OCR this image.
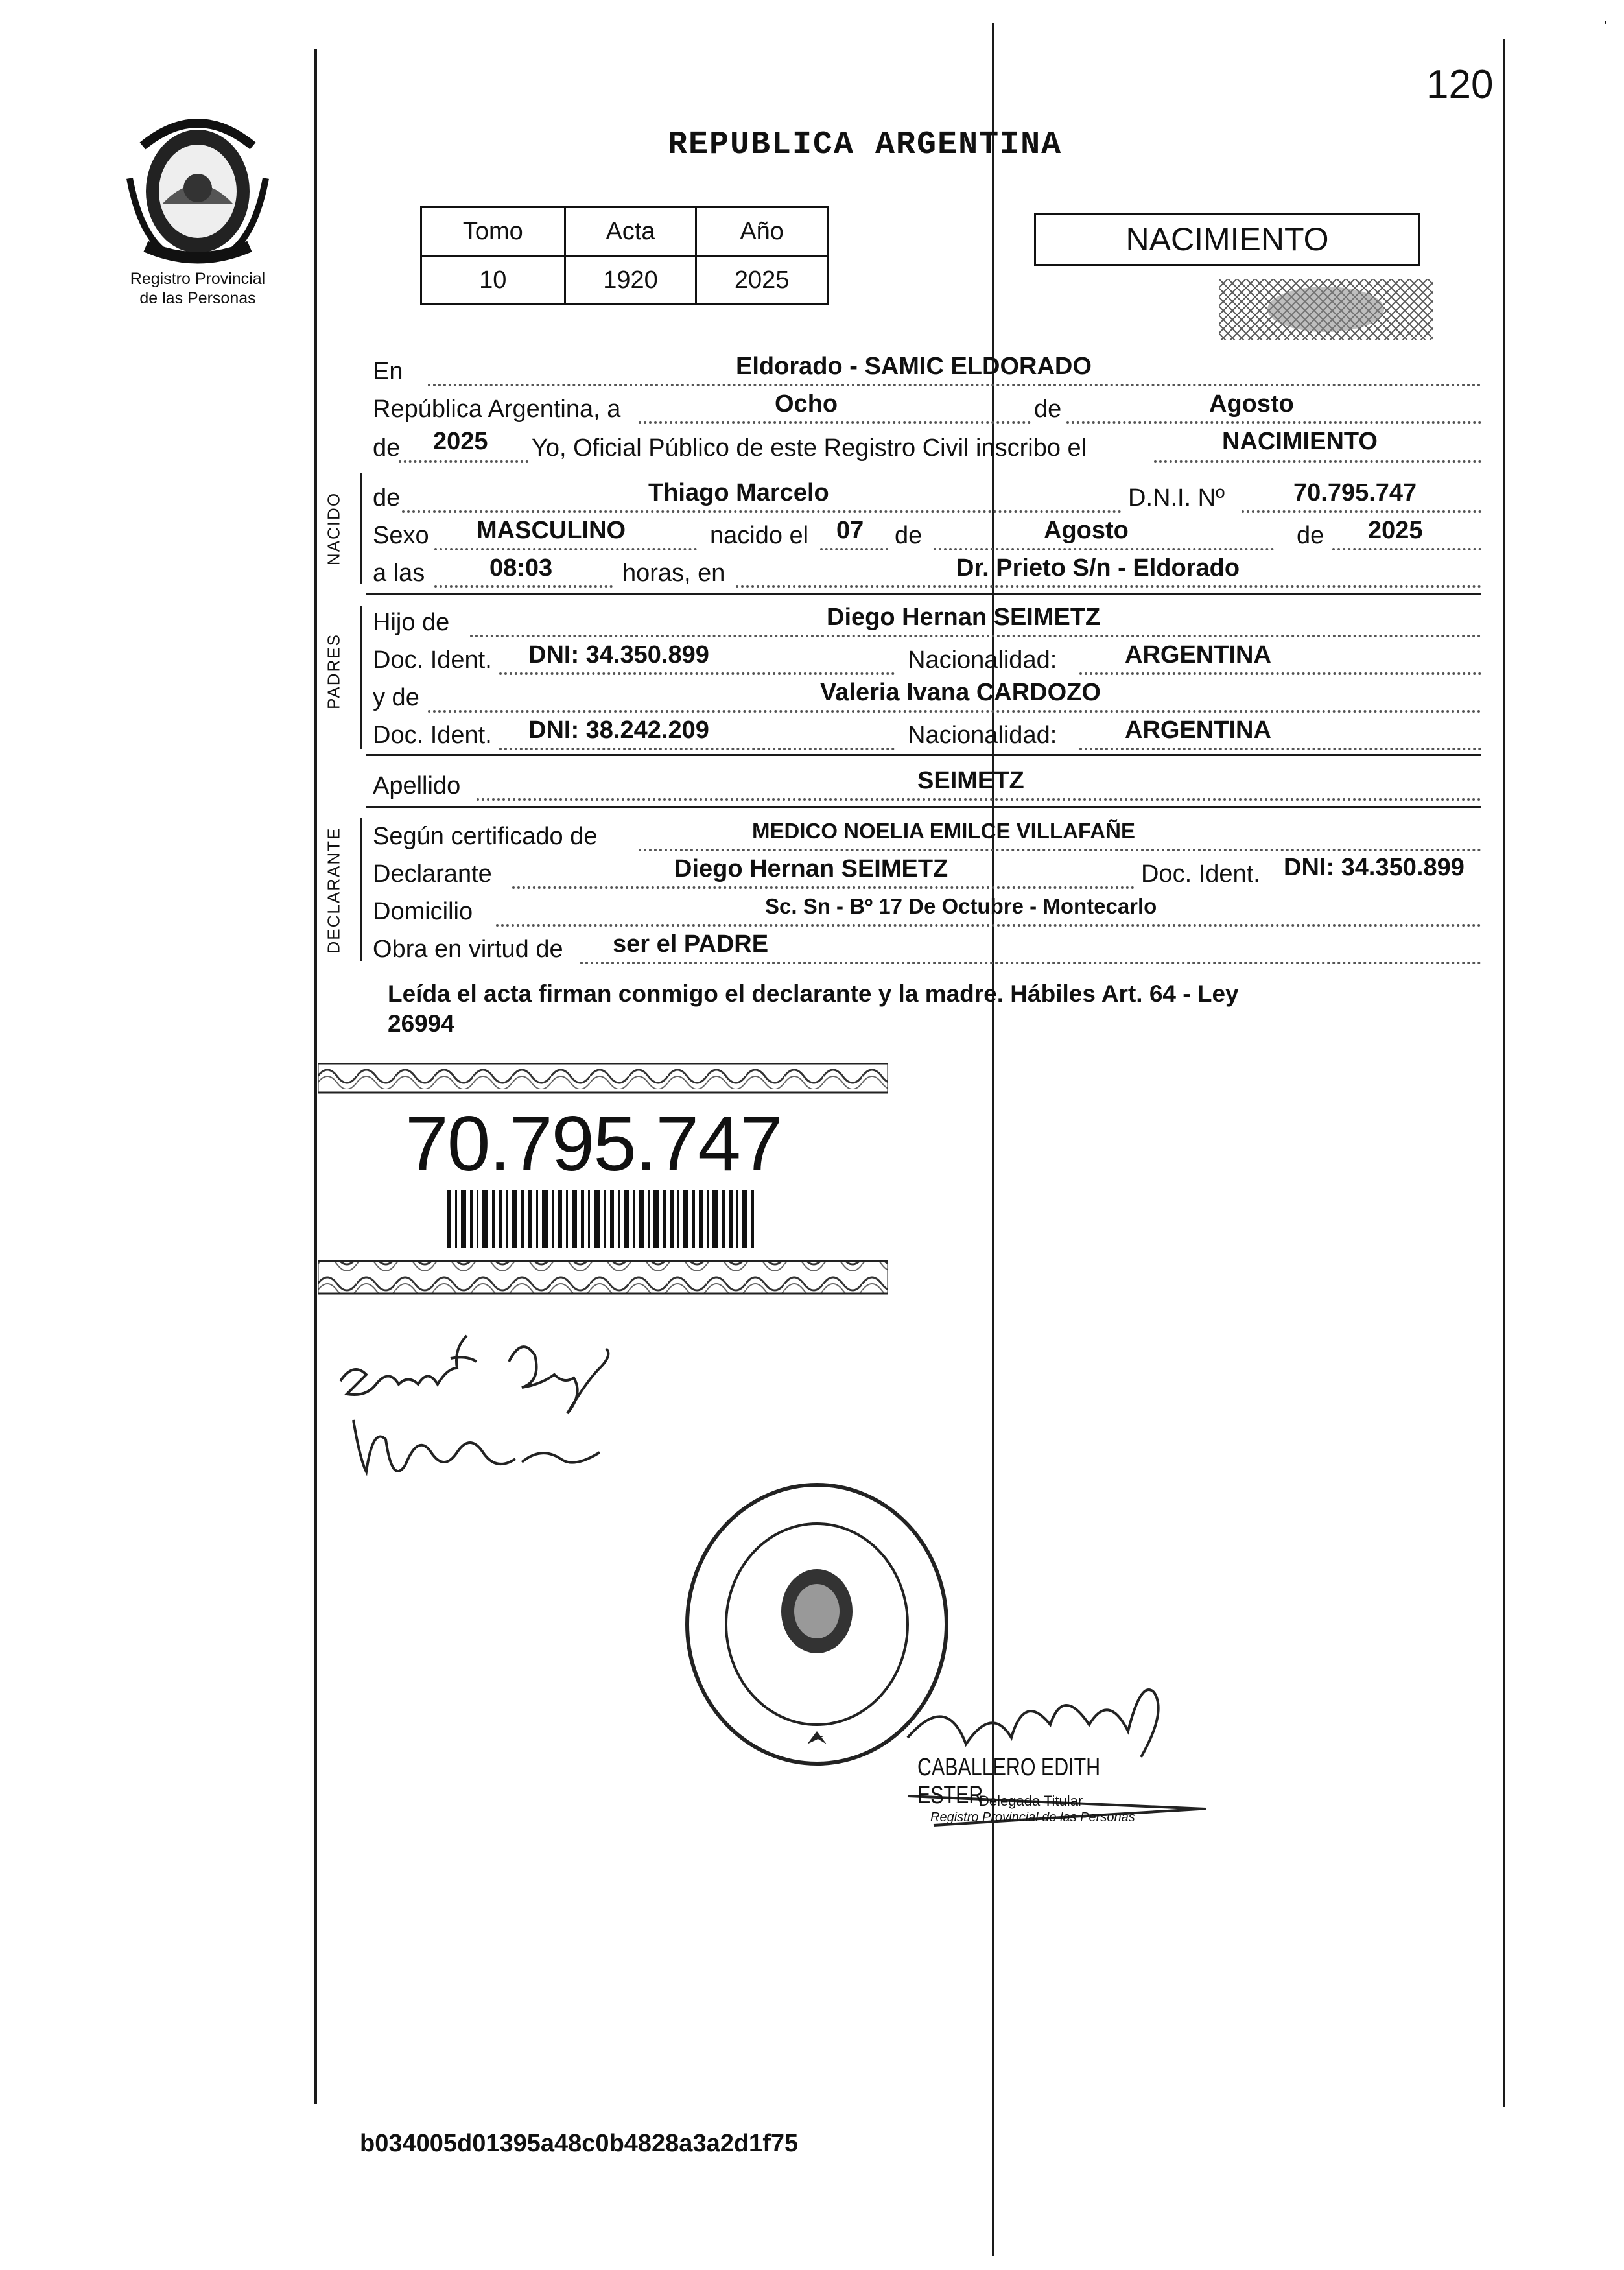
120
Registro Provincial
de las Personas
REPUBLICA ARGENTINA
Tomo	Acta	Año
10	1920	2025
NACIMIENTO
En	Eldorado - SAMIC ELDORADO
República Argentina, a	Ocho	de	Agosto
de 2025 Yo, Oficial Público de este Registro Civil inscribo el	NACIMIENTO
NACIDO de	Thiago Marcelo	D.N.I. Nº	70.795.747
Sexo MASCULINO	nacido el 07 de	Agosto	de 2025
a las	08:03	horas, en	Dr. Prieto S/n - Eldorado
PADRES
Hijo de	Diego Hernan SEIMETZ
Doc. Ident. DNI: 34.350.899	Nacionalidad:	ARGENTINA
y de	Valeria Ivana CARDOZO
Doc. Ident. DNI: 38.242.209	Nacionalidad:	ARGENTINA
Apellido	SEIMETZ
DECLARANTE Según certificado de	MEDICO NOELIA EMILCE VILLAFAÑE
Declarante	Diego Hernan SEIMETZ	Doc. Ident. DNI: 34.350.899
Domicilio	Sc. Sn - Bº 17 De Octubre - Montecarlo
Obra en virtud de ser el PADRE
Leída el acta firman conmigo el declarante y la madre. Hábiles Art. 64 - Ley
26994
70.795.747
CABALLERO EDITH ESTER
Delegada Titular
Registro Provincial de las Personas
b034005d01395a48c0b4828a3a2d1f75
'
